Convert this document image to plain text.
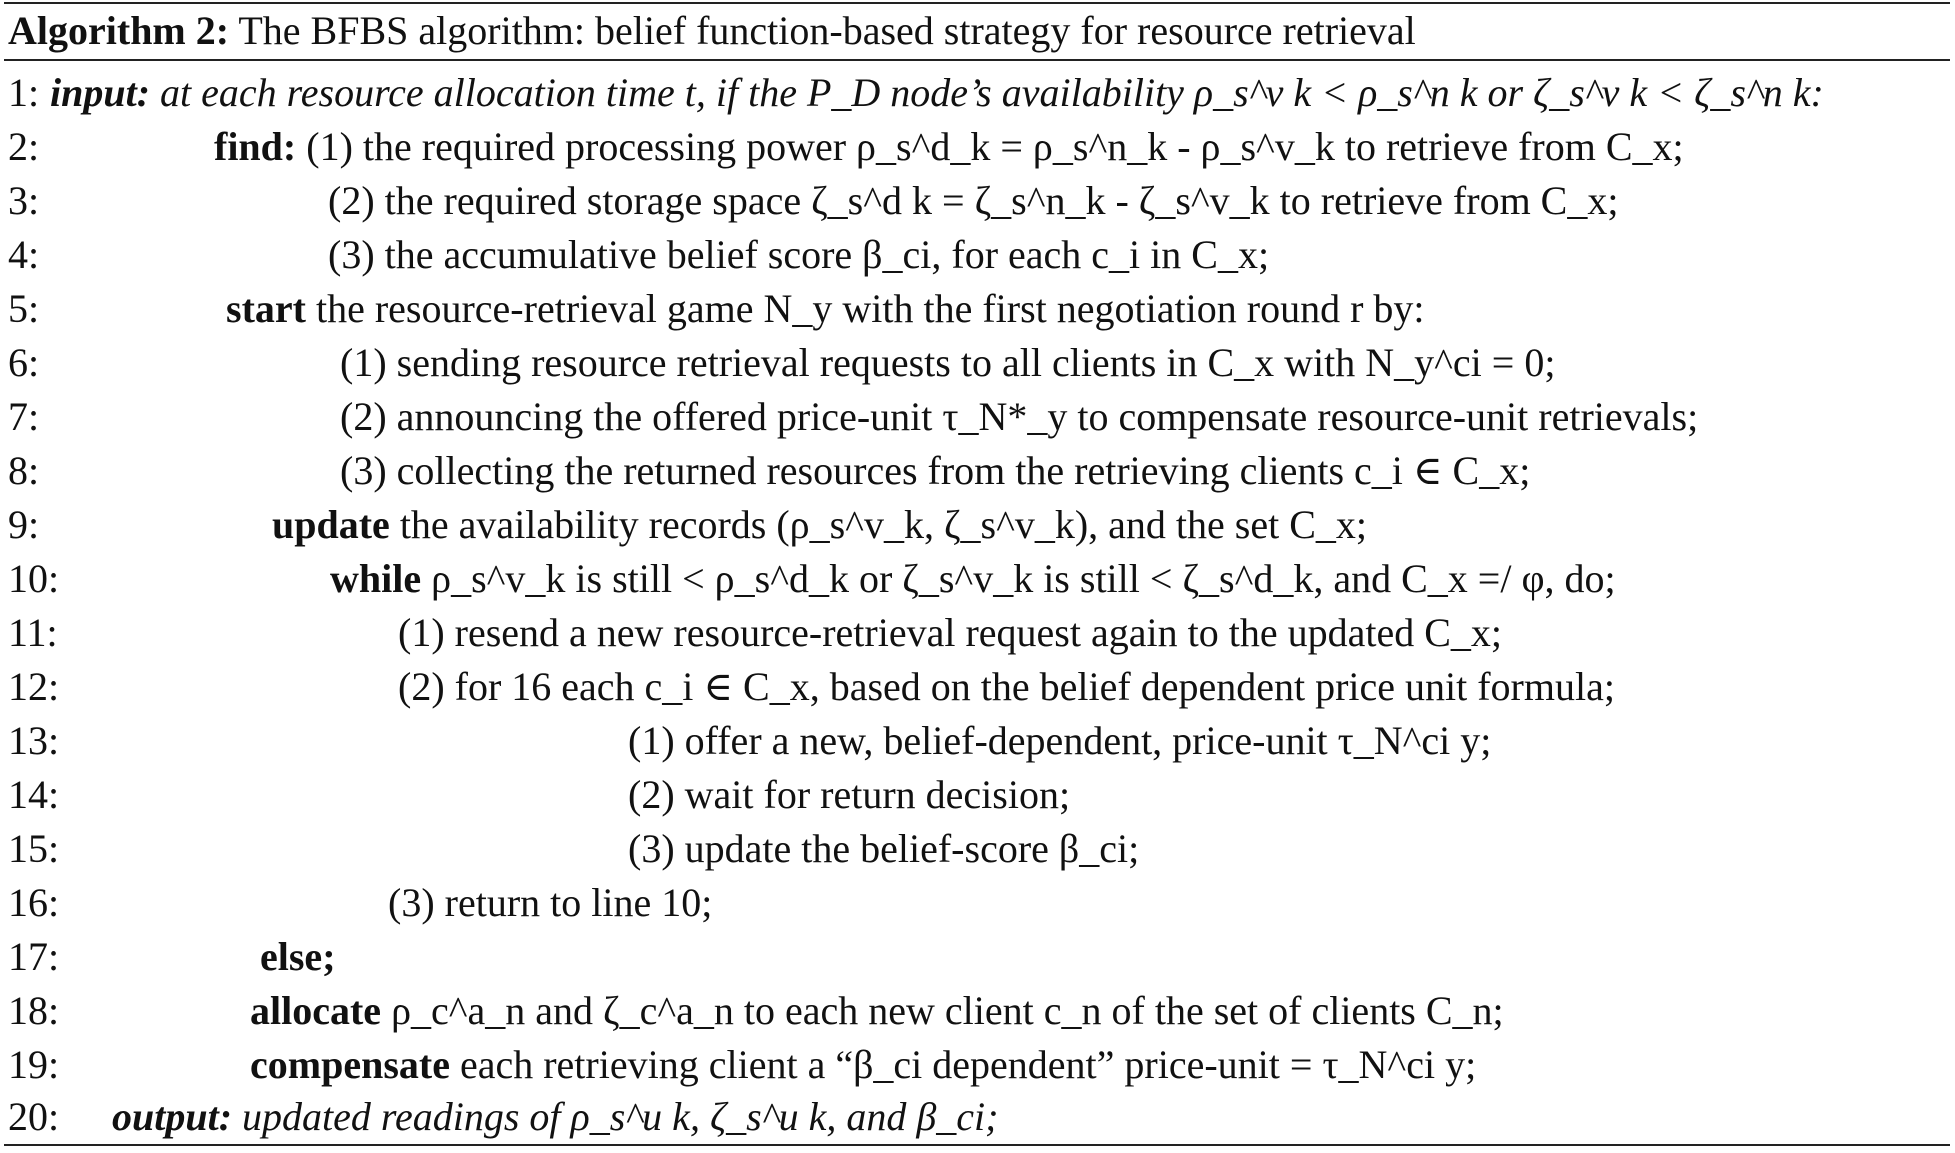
Algorithm 2: The BFBS algorithm: belief function-based strategy for resource retrieval
1: input: at each resource allocation time t, if the P_D node’s availability ρ_s^v k < ρ_s^n k or ζ_s^v k < ζ_s^n k:
2:	find: (1) the required processing power ρ_s^d_k = ρ_s^n_k - ρ_s^v_k to retrieve from C_x;
3:	(2) the required storage space ζ_s^d k = ζ_s^n_k - ζ_s^v_k to retrieve from C_x;
4:	(3) the accumulative belief score β_ci, for each c_i in C_x;
5:	start the resource-retrieval game N_y with the first negotiation round r by:
6:	(1) sending resource retrieval requests to all clients in C_x with N_y^ci = 0;
7:	(2) announcing the offered price-unit τ_N*_y to compensate resource-unit retrievals;
8:	(3) collecting the returned resources from the retrieving clients c_i ∈ C_x;
9:	update the availability records (ρ_s^v_k, ζ_s^v_k), and the set C_x;
10:	while ρ_s^v_k is still < ρ_s^d_k or ζ_s^v_k is still < ζ_s^d_k, and C_x =/ φ, do;
11:	(1) resend a new resource-retrieval request again to the updated C_x;
12:	(2) for 16 each c_i ∈ C_x, based on the belief dependent price unit formula;
13:	(1) offer a new, belief-dependent, price-unit τ_N^ci y;
14:	(2) wait for return decision;
15:	(3) update the belief-score β_ci;
16:	(3) return to line 10;
17:	else;
18:	allocate ρ_c^a_n and ζ_c^a_n to each new client c_n of the set of clients C_n;
19:	compensate each retrieving client a “β_ci dependent” price-unit = τ_N^ci y;
20: output: updated readings of ρ_s^u k, ζ_s^u k, and β_ci;
